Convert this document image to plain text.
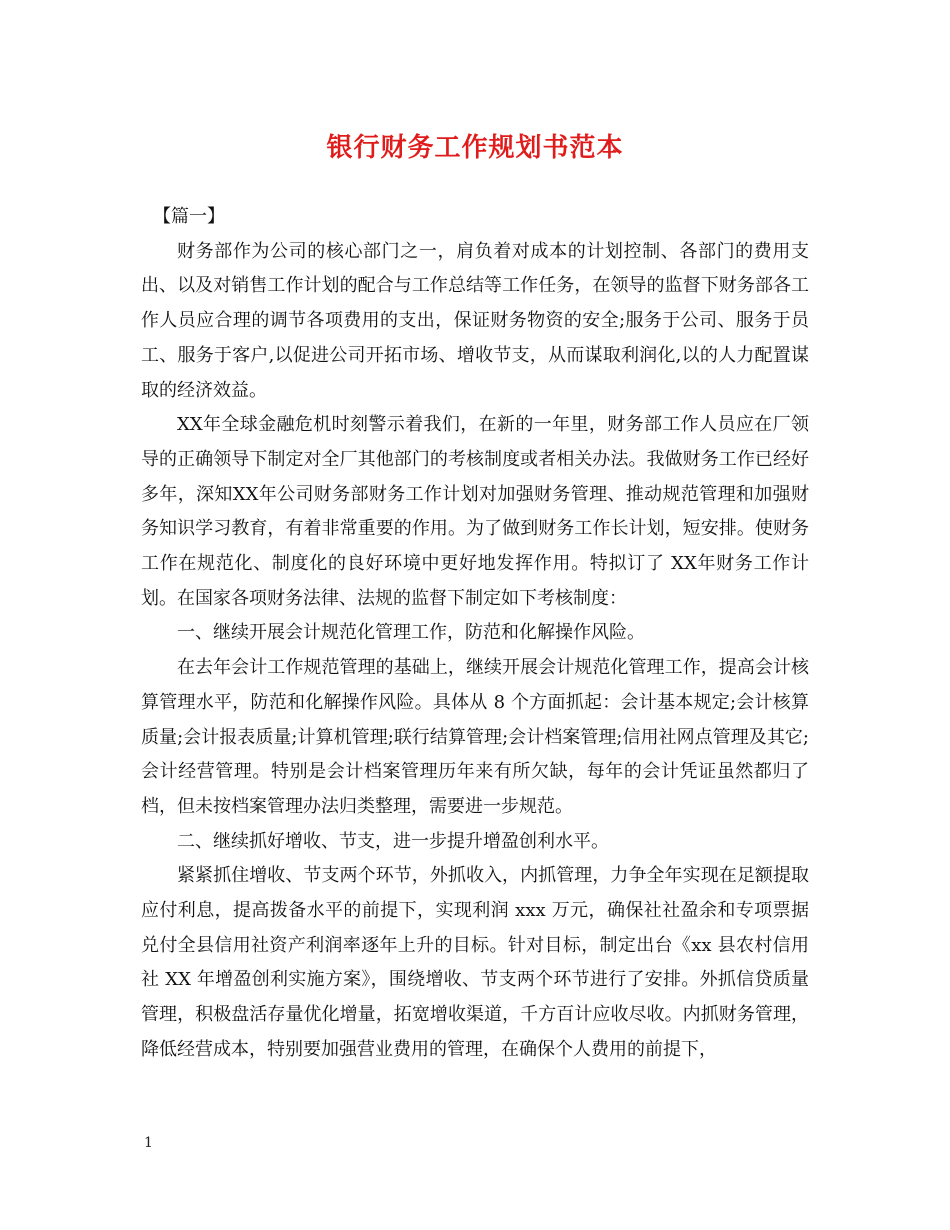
银行财务工作规划书范本

【篇一】

财务部作为公司的核心部门之一，肩负着对成本的计划控制、各部门的费用支出、以及对销售工作计划的配合与工作总结等工作任务，在领导的监督下财务部各工作人员应合理的调节各项费用的支出，保证财务物资的安全;服务于公司、服务于员工、服务于客户,以促进公司开拓市场、增收节支，从而谋取利润化,以的人力配置谋取的经济效益。

XX年全球金融危机时刻警示着我们，在新的一年里，财务部工作人员应在厂领导的正确领导下制定对全厂其他部门的考核制度或者相关办法。我做财务工作已经好多年，深知XX年公司财务部财务工作计划对加强财务管理、推动规范管理和加强财务知识学习教育，有着非常重要的作用。为了做到财务工作长计划，短安排。使财务工作在规范化、制度化的良好环境中更好地发挥作用。特拟订了 XX年财务工作计划。在国家各项财务法律、法规的监督下制定如下考核制度：

一、继续开展会计规范化管理工作，防范和化解操作风险。

在去年会计工作规范管理的基础上，继续开展会计规范化管理工作，提高会计核算管理水平，防范和化解操作风险。具体从 8 个方面抓起：会计基本规定;会计核算质量;会计报表质量;计算机管理;联行结算管理;会计档案管理;信用社网点管理及其它;会计经营管理。特别是会计档案管理历年来有所欠缺，每年的会计凭证虽然都归了档，但未按档案管理办法归类整理，需要进一步规范。

二、继续抓好增收、节支，进一步提升增盈创利水平。

紧紧抓住增收、节支两个环节，外抓收入，内抓管理，力争全年实现在足额提取应付利息，提高拨备水平的前提下，实现利润 xxx 万元，确保社社盈余和专项票据兑付全县信用社资产利润率逐年上升的目标。针对目标，制定出台《xx 县农村信用社 XX 年增盈创利实施方案》，围绕增收、节支两个环节进行了安排。外抓信贷质量管理，积极盘活存量优化增量，拓宽增收渠道，千方百计应收尽收。内抓财务管理，降低经营成本，特别要加强营业费用的管理，在确保个人费用的前提下，

1
